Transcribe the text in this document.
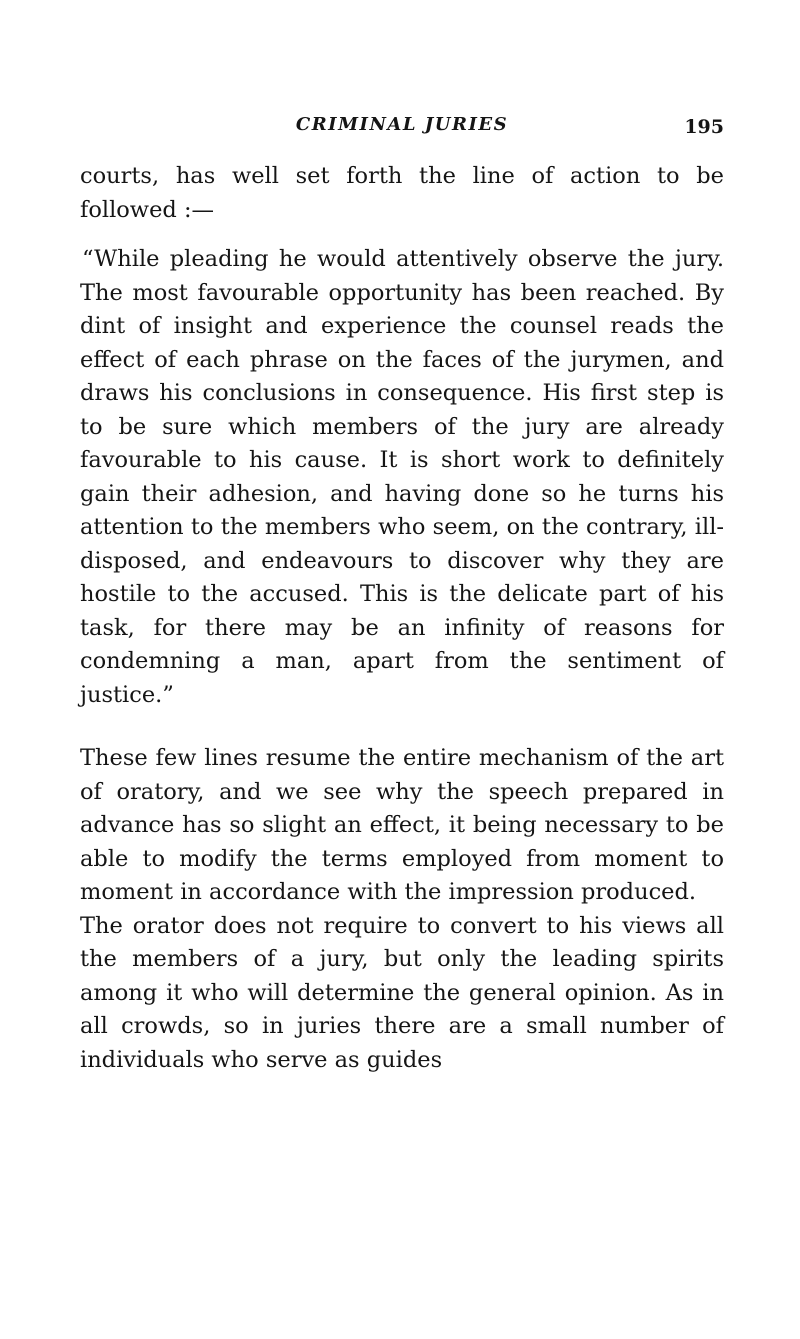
CRIMINAL JURIES	195

courts, has well set forth the line of action to be followed :—

“While pleading he would attentively observe the jury. The most favourable opportunity has been reached. By dint of insight and experience the counsel reads the effect of each phrase on the faces of the jurymen, and draws his conclusions in consequence. His first step is to be sure which members of the jury are already favourable to his cause. It is short work to definitely gain their adhesion, and having done so he turns his attention to the members who seem, on the contrary, ill-disposed, and endeavours to discover why they are hostile to the accused. This is the delicate part of his task, for there may be an infinity of reasons for condemning a man, apart from the sentiment of justice.”

These few lines resume the entire mechanism of the art of oratory, and we see why the speech prepared in advance has so slight an effect, it being necessary to be able to modify the terms employed from moment to moment in accordance with the impression produced.

The orator does not require to convert to his views all the members of a jury, but only the leading spirits among it who will determine the general opinion. As in all crowds, so in juries there are a small number of individuals who serve as guides
